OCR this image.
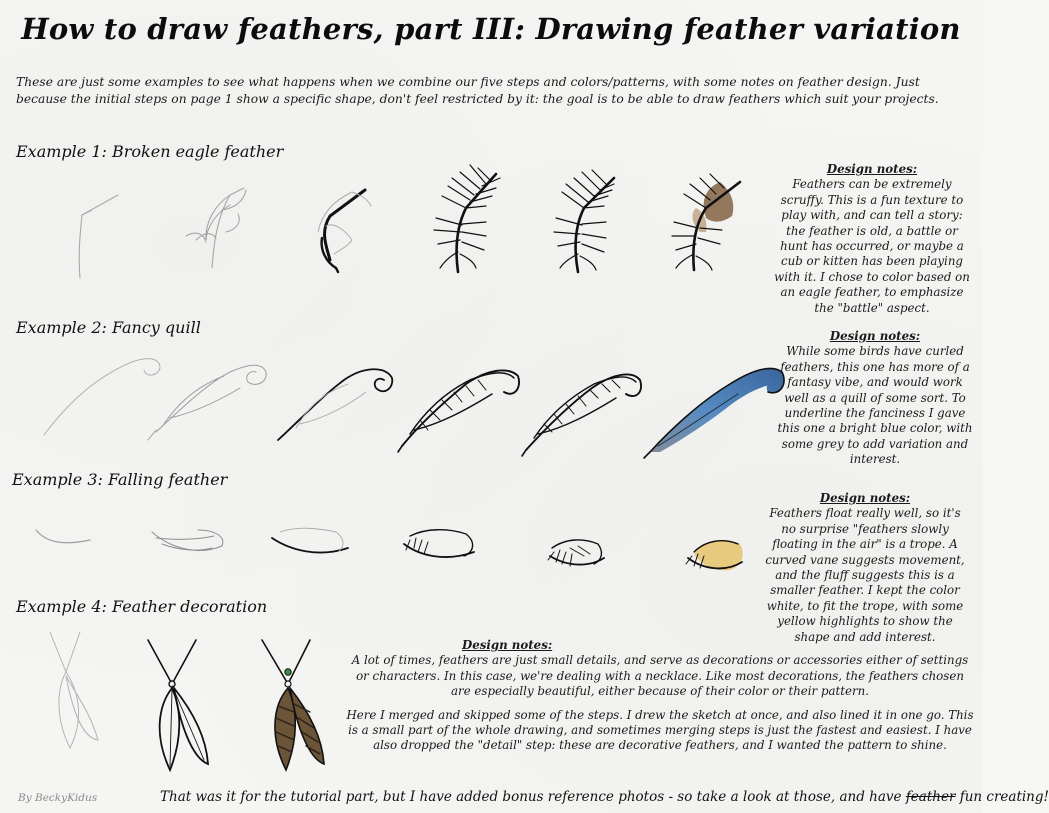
How to draw feathers, part III: Drawing feather variation
These are just some examples to see what happens when we combine our five steps and colors/patterns, with some notes on feather design. Just because the initial steps on page 1 show a specific shape, don't feel restricted by it: the goal is to be able to draw feathers which suit your projects.
Example 1: Broken eagle feather
Example 2: Fancy quill
Example 3: Falling feather
Example 4: Feather decoration
Design notes:
Feathers can be extremely scruffy. This is a fun texture to play with, and can tell a story: the feather is old, a battle or hunt has occurred, or maybe a cub or kitten has been playing with it. I chose to color based on an eagle feather, to emphasize the "battle" aspect.
Design notes:
While some birds have curled feathers, this one has more of a fantasy vibe, and would work well as a quill of some sort. To underline the fanciness I gave this one a bright blue color, with some grey to add variation and interest.
Design notes:
Feathers float really well, so it's no surprise "feathers slowly floating in the air" is a trope. A curved vane suggests movement, and the fluff suggests this is a smaller feather. I kept the color white, to fit the trope, with some yellow highlights to show the shape and add interest.
Design notes:

A lot of times, feathers are just small details, and serve as decorations or accessories either of settings or characters. In this case, we're dealing with a necklace. Like most decorations, the feathers chosen are especially beautiful, either because of their color or their pattern.

Here I merged and skipped some of the steps. I drew the sketch at once, and also lined it in one go. This is a small part of the whole drawing, and sometimes merging steps is just the fastest and easiest. I have also dropped the "detail" step: these are decorative feathers, and I wanted the pattern to shine.

By BeckyKidus	That was it for the tutorial part, but I have added bonus reference photos - so take a look at those, and have feather fun creating!
